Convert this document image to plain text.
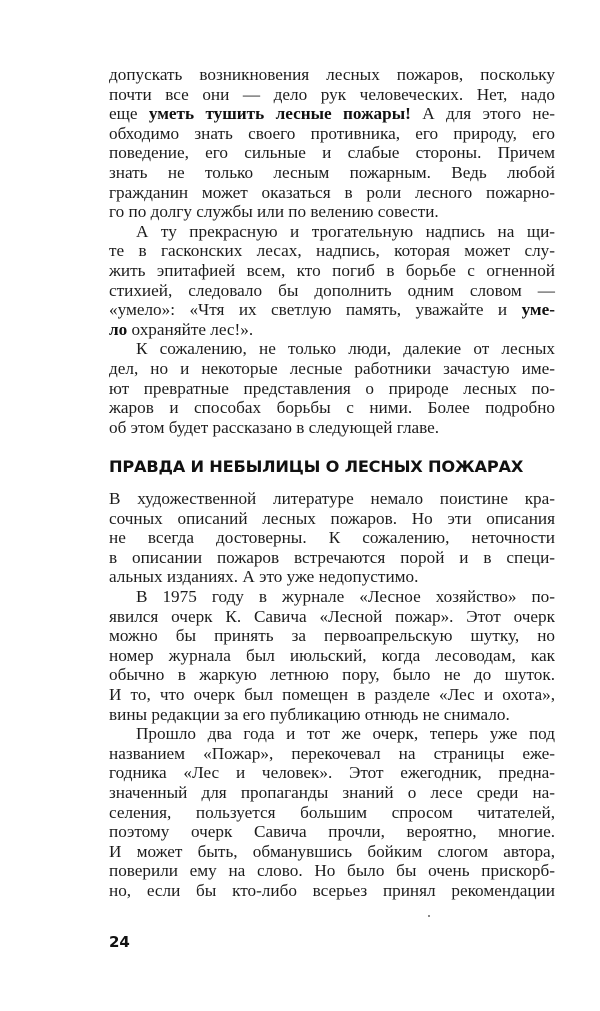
допускать возникновения лесных пожаров, поскольку
почти все они — дело рук человеческих. Нет, надо
еще уметь тушить лесные пожары! А для этого не-
обходимо знать своего противника, его природу, его
поведение, его сильные и слабые стороны. Причем
знать не только лесным пожарным. Ведь любой
гражданин может оказаться в роли лесного пожарно-
го по долгу службы или по велению совести.
А ту прекрасную и трогательную надпись на щи-
те в гасконских лесах, надпись, которая может слу-
жить эпитафией всем, кто погиб в борьбе с огненной
стихией, следовало бы дополнить одним словом —
«умело»: «Чтя их светлую память, уважайте и уме-
ло охраняйте лес!».
К сожалению, не только люди, далекие от лесных
дел, но и некоторые лесные работники зачастую име-
ют превратные представления о природе лесных по-
жаров и способах борьбы с ними. Более подробно
об этом будет рассказано в следующей главе.
ПРАВДА И НЕБЫЛИЦЫ О ЛЕСНЫХ ПОЖАРАХ
В художественной литературе немало поистине кра-
сочных описаний лесных пожаров. Но эти описания
не всегда достоверны. К сожалению, неточности
в описании пожаров встречаются порой и в специ-
альных изданиях. А это уже недопустимо.
В 1975 году в журнале «Лесное хозяйство» по-
явился очерк К. Савича «Лесной пожар». Этот очерк
можно бы принять за первоапрельскую шутку, но
номер журнала был июльский, когда лесоводам, как
обычно в жаркую летнюю пору, было не до шуток.
И то, что очерк был помещен в разделе «Лес и охота»,
вины редакции за его публикацию отнюдь не снимало.
Прошло два года и тот же очерк, теперь уже под
названием «Пожар», перекочевал на страницы еже-
годника «Лес и человек». Этот ежегодник, предна-
значенный для пропаганды знаний о лесе среди на-
селения, пользуется большим спросом читателей,
поэтому очерк Савича прочли, вероятно, многие.
И может быть, обманувшись бойким слогом автора,
поверили ему на слово. Но было бы очень прискорб-
но, если бы кто-либо всерьез принял рекомендации
24
